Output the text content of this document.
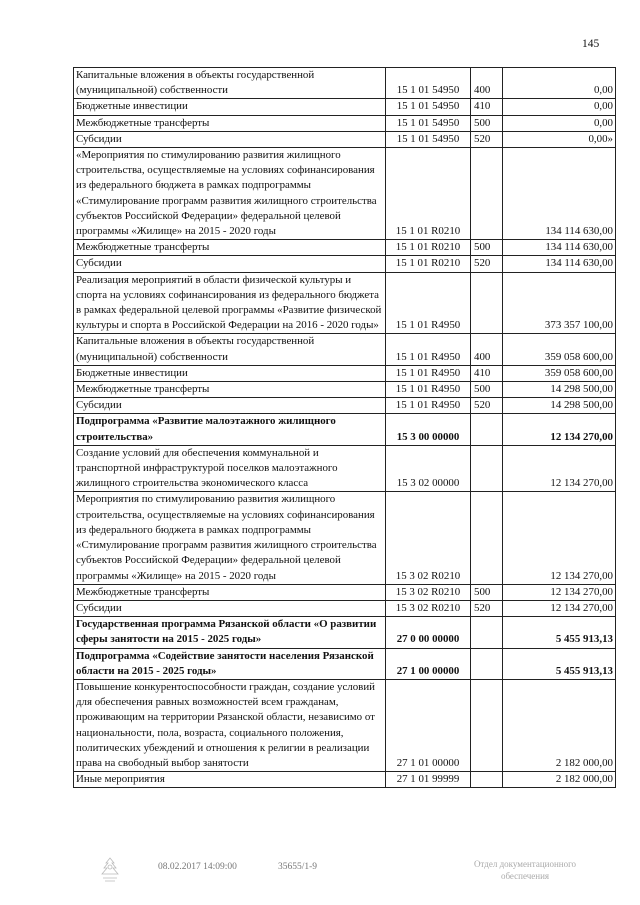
145
Капитальные вложения в объекты государственной (муниципальной) собственности	15 1 01 54950	400	0,00
Бюджетные инвестиции	15 1 01 54950	410	0,00
Межбюджетные трансферты	15 1 01 54950	500	0,00
Субсидии	15 1 01 54950	520	0,00»
«Мероприятия по стимулированию развития жилищного строительства, осуществляемые на условиях софинансирования из федерального бюджета в рамках подпрограммы «Стимулирование программ развития жилищного строительства субъектов Российской Федерации» федеральной целевой программы «Жилище» на 2015 - 2020 годы	15 1 01 R0210		134 114 630,00
Межбюджетные трансферты	15 1 01 R0210	500	134 114 630,00
Субсидии	15 1 01 R0210	520	134 114 630,00
Реализация мероприятий в области физической культуры и спорта на условиях софинансирования из федерального бюджета в рамках федеральной целевой программы «Развитие физической культуры и спорта в Российской Федерации на 2016 - 2020 годы»	15 1 01 R4950		373 357 100,00
Капитальные вложения в объекты государственной (муниципальной) собственности	15 1 01 R4950	400	359 058 600,00
Бюджетные инвестиции	15 1 01 R4950	410	359 058 600,00
Межбюджетные трансферты	15 1 01 R4950	500	14 298 500,00
Субсидии	15 1 01 R4950	520	14 298 500,00
Подпрограмма «Развитие малоэтажного жилищного строительства»	15 3 00 00000		12 134 270,00
Создание условий для обеспечения коммунальной и транспортной инфраструктурой поселков малоэтажного жилищного строительства экономического класса	15 3 02 00000		12 134 270,00
Мероприятия по стимулированию развития жилищного строительства, осуществляемые на условиях софинансирования из федерального бюджета в рамках подпрограммы «Стимулирование программ развития жилищного строительства субъектов Российской Федерации» федеральной целевой программы «Жилище» на 2015 - 2020 годы	15 3 02 R0210		12 134 270,00
Межбюджетные трансферты	15 3 02 R0210	500	12 134 270,00
Субсидии	15 3 02 R0210	520	12 134 270,00
Государственная программа Рязанской области «О развитии сферы занятости на 2015 - 2025 годы»	27 0 00 00000		5 455 913,13
Подпрограмма «Содействие занятости населения Рязанской области на 2015 - 2025 годы»	27 1 00 00000		5 455 913,13
Повышение конкурентоспособности граждан, создание условий для обеспечения равных возможностей всем гражданам, проживающим на территории Рязанской области, независимо от национальности, пола, возраста, социального положения, политических убеждений и отношения к религии в реализации права на свободный выбор занятости	27 1 01 00000		2 182 000,00
Иные мероприятия	27 1 01 99999		2 182 000,00
08.02.2017 14:09:00	35655/1-9	Отдел документационного
обеспечения
